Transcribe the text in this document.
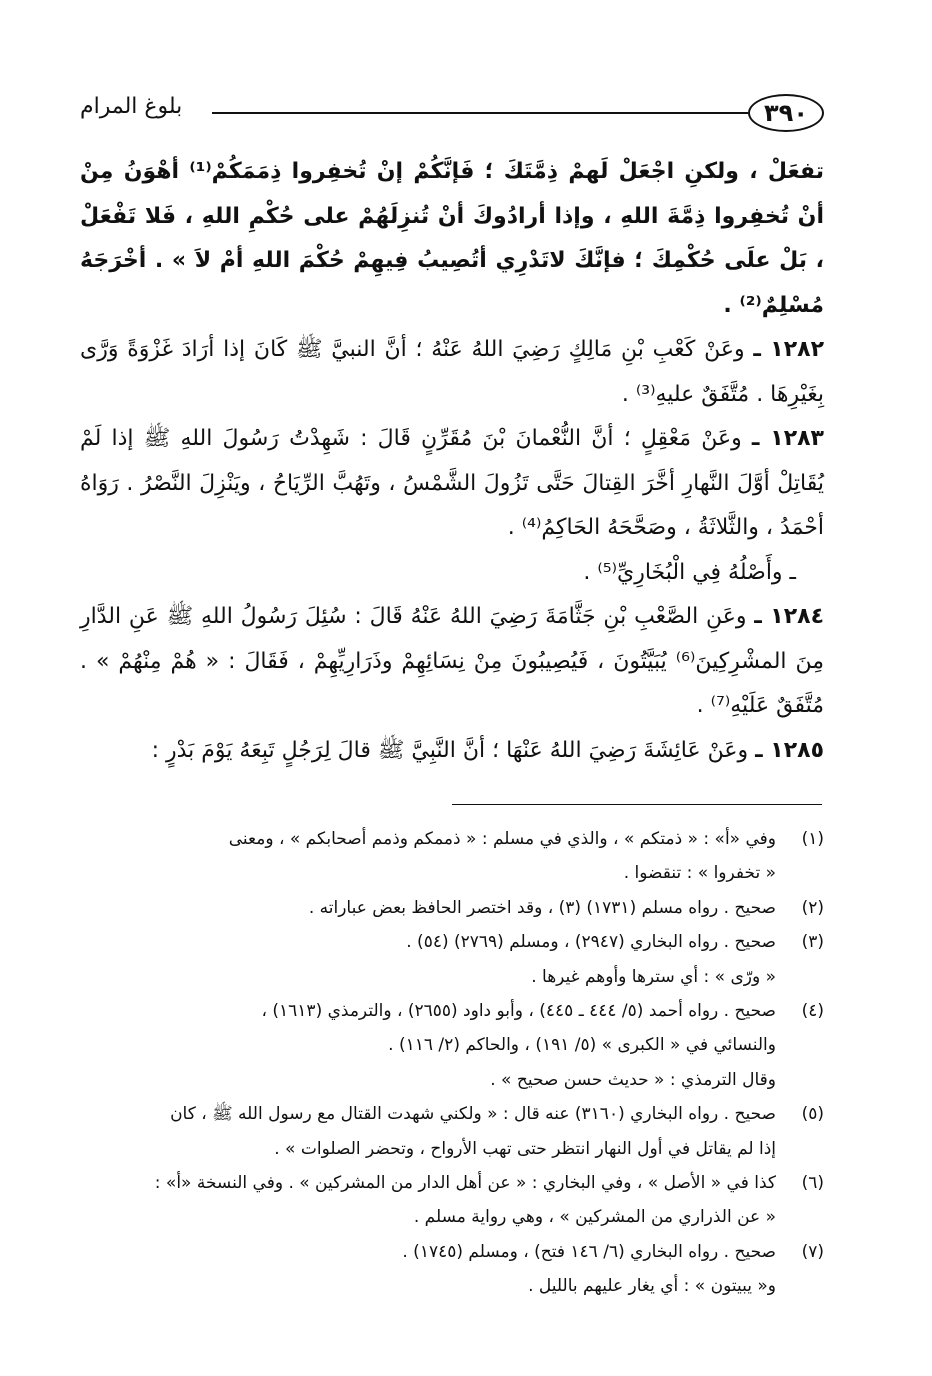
٣٩٠
بلوغ المرام

تفعَلْ ، ولكنِ اجْعَلْ لَهمْ ذِمَّتَكَ ؛ فَإنَّكُمْ إنْ تُخفِروا ذِمَمَكُمْ⁽¹⁾ أهْوَنُ مِنْ أنْ تُخفِروا ذِمَّةَ اللهِ ، وإذا أرادُوكَ أنْ تُنزِلَهُمْ على حُكْمِ اللهِ ، فَلا تَفْعَلْ ، بَلْ علَى حُكْمِكَ ؛ فإنَّكَ لاتَدْرِي أتُصِيبُ فِيهِمْ حُكْمَ اللهِ أمْ لاَ » . أخْرَجَهُ مُسْلِمٌ⁽²⁾ .

١٢٨٢ ـ وعَنْ كَعْبِ بْنِ مَالِكٍ رَضِيَ اللهُ عَنْهُ ؛ أنَّ النبيَّ ﷺ كَانَ إذا أرَادَ غَزْوَةً وَرَّى بِغَيْرِهَا . مُتَّفَقٌ عليهِ⁽³⁾ .

١٢٨٣ ـ وعَنْ مَعْقِلٍ ؛ أنَّ النُّعْمانَ بْنَ مُقَرِّنٍ قَالَ : شَهِدْتُ رَسُولَ اللهِ ﷺ إذا لَمْ يُقَاتِلْ أوَّلَ النَّهارِ أخَّرَ القِتالَ حَتَّى تَزُولَ الشَّمْسُ ، وتَهُبَّ الرِّيَاحُ ، ويَنْزِلَ النَّصْرُ . رَوَاهُ أحْمَدُ ، والثَّلاثَةُ ، وصَحَّحَهُ الحَاكِمُ⁽⁴⁾ .

ـ وأَصْلُهُ فِي الْبُخَارِيِّ⁽⁵⁾ .

١٢٨٤ ـ وعَنِ الصَّعْبِ بْنِ جَثَّامَةَ رَضِيَ اللهُ عَنْهُ قَالَ : سُئِلَ رَسُولُ اللهِ ﷺ عَنِ الدَّارِ مِنَ المشْرِكِينَ⁽⁶⁾ يُبَيَّتُونَ ، فَيُصِيبُونَ مِنْ نِسَائِهِمْ وذَرَارِيِّهِمْ ، فَقَالَ : « هُمْ مِنْهُمْ » . مُتَّفَقٌ عَلَيْهِ⁽⁷⁾ .

١٢٨٥ ـ وعَنْ عَائِشَةَ رَضِيَ اللهُ عَنْهَا ؛ أنَّ النَّبِيَّ ﷺ قالَ لِرَجُلٍ تَبِعَهُ يَوْمَ بَدْرٍ :

(١)
وفي «أ» : « ذمتكم » ، والذي في مسلم : « ذممكم وذمم أصحابكم » ، ومعنى
« تخفروا » : تنقضوا .
(٢)
صحيح . رواه مسلم (١٧٣١) (٣) ، وقد اختصر الحافظ بعض عباراته .
(٣)
صحيح . رواه البخاري (٢٩٤٧) ، ومسلم (٢٧٦٩) (٥٤) .
« ورّى » : أي سترها وأوهم غيرها .
(٤)
صحيح . رواه أحمد (٥/ ٤٤٤ ـ ٤٤٥) ، وأبو داود (٢٦٥٥) ، والترمذي (١٦١٣) ،
والنسائي في « الكبرى » (٥/ ١٩١) ، والحاكم (٢/ ١١٦) .
وقال الترمذي : « حديث حسن صحيح » .
(٥)
صحيح . رواه البخاري (٣١٦٠) عنه قال : « ولكني شهدت القتال مع رسول الله ﷺ ، كان
إذا لم يقاتل في أول النهار انتظر حتى تهب الأرواح ، وتحضر الصلوات » .
(٦)
كذا في « الأصل » ، وفي البخاري : « عن أهل الدار من المشركين » . وفي النسخة «أ» :
« عن الذراري من المشركين » ، وهي رواية مسلم .
(٧)
صحيح . رواه البخاري (٦/ ١٤٦ فتح) ، ومسلم (١٧٤٥) .
و« يبيتون » : أي يغار عليهم بالليل .
